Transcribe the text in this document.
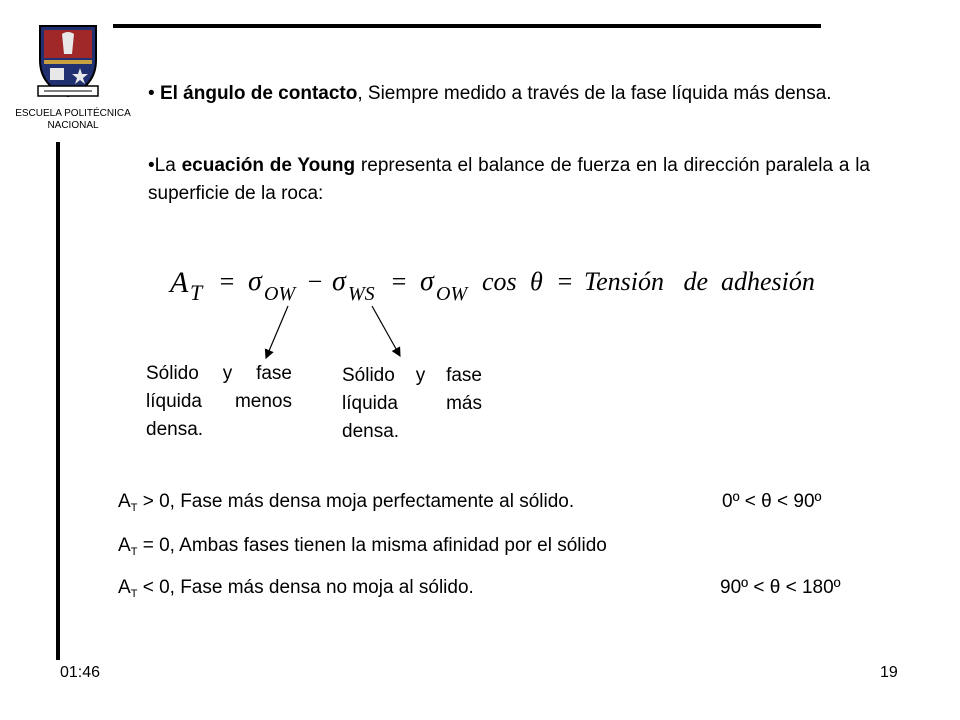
ESCUELA POLITÉCNICA
NACIONAL
• El ángulo de contacto, Siempre medido a través de la fase líquida más densa.
•La ecuación de Young representa el balance de fuerza en la dirección paralela a la superficie de la roca:
A T = σ OW − σ WS = σ OW cos θ = Tensión   de  adhesión
Sólido y fase líquida menos densa.
Sólido y fase líquida más densa.
$A_T > 0$, Fase más densa moja perfectamente al sólido.	0º < θ < 90º
$A_T = 0$, Ambas fases tienen la misma afinidad por el sólido
$A_T < 0$, Fase más densa no moja al sólido.	90º < θ < 180º
01:46	19
